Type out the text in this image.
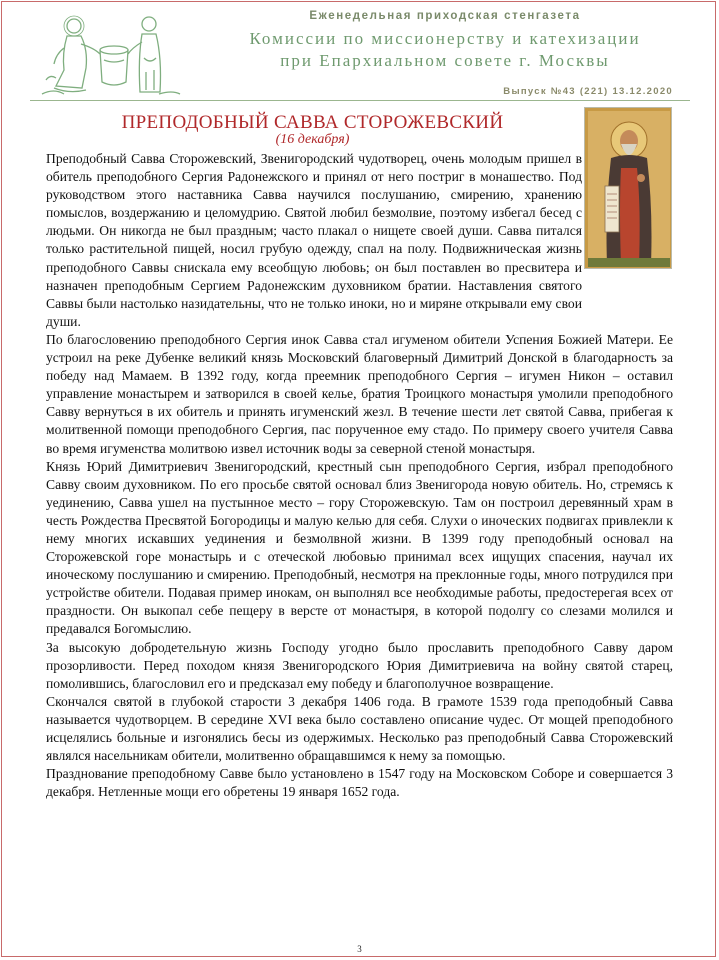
Еженедельная приходская стенгазета
Комиссии по миссионерству и катехизации
при Епархиальном совете г. Москвы
Выпуск №43 (221) 13.12.2020
ПРЕПОДОБНЫЙ САВВА СТОРОЖЕВСКИЙ
(16 декабря)

Преподобный Савва Сторожевский, Звенигородский чудотворец, очень молодым пришел в обитель преподобного Сергия Радонежского и принял от него постриг в монашество. Под руководством этого наставника Савва научился послушанию, смирению, хранению помыслов, воздержанию и целомудрию. Святой любил безмолвие, поэтому избегал бесед с людьми. Он никогда не был праздным; часто плакал о нищете своей души. Савва питался только растительной пищей, носил грубую одежду, спал на полу. Подвижническая жизнь преподобного Саввы снискала ему всеобщую любовь; он был поставлен во пресвитера и назначен преподобным Сергием Радонежским духовником братии. Наставления святого Саввы были настолько назидательны, что не только иноки, но и миряне открывали ему свои души.

По благословению преподобного Сергия инок Савва стал игуменом обители Успения Божией Матери. Ее устроил на реке Дубенке великий князь Московский благоверный Димитрий Донской в благодарность за победу над Мамаем. В 1392 году, когда преемник преподобного Сергия – игумен Никон – оставил управление монастырем и затворился в своей келье, братия Троицкого монастыря умолили преподобного Савву вернуться в их обитель и принять игуменский жезл. В течение шести лет святой Савва, прибегая к молитвенной помощи преподобного Сергия, пас порученное ему стадо. По примеру своего учителя Савва во время игуменства молитвою извел источник воды за северной стеной монастыря.

Князь Юрий Димитриевич Звенигородский, крестный сын преподобного Сергия, избрал преподобного Савву своим духовником. По его просьбе святой основал близ Звенигорода новую обитель. Но, стремясь к уединению, Савва ушел на пустынное место – гору Сторожевскую. Там он построил деревянный храм в честь Рождества Пресвятой Богородицы и малую келью для себя. Слухи о иноческих подвигах привлекли к нему многих искавших уединения и безмолвной жизни. В 1399 году преподобный основал на Сторожевской горе монастырь и с отеческой любовью принимал всех ищущих спасения, научал их иноческому послушанию и смирению. Преподобный, несмотря на преклонные годы, много потрудился при устройстве обители. Подавая пример инокам, он выполнял все необходимые работы, предостерегая всех от праздности. Он выкопал себе пещеру в версте от монастыря, в которой подолгу со слезами молился и предавался Богомыслию.

За высокую добродетельную жизнь Господу угодно было прославить преподобного Савву даром прозорливости. Перед походом князя Звенигородского Юрия Димитриевича на войну святой старец, помолившись, благословил его и предсказал ему победу и благополучное возвращение.

Скончался святой в глубокой старости 3 декабря 1406 года. В грамоте 1539 года преподобный Савва называется чудотворцем. В середине XVI века было составлено описание чудес. От мощей преподобного исцелялись больные и изгонялись бесы из одержимых. Несколько раз преподобный Савва Сторожевский являлся насельникам обители, молитвенно обращавшимся к нему за помощью.

Празднование преподобному Савве было установлено в 1547 году на Московском Соборе и совершается 3 декабря. Нетленные мощи его обретены 19 января 1652 года.

3
